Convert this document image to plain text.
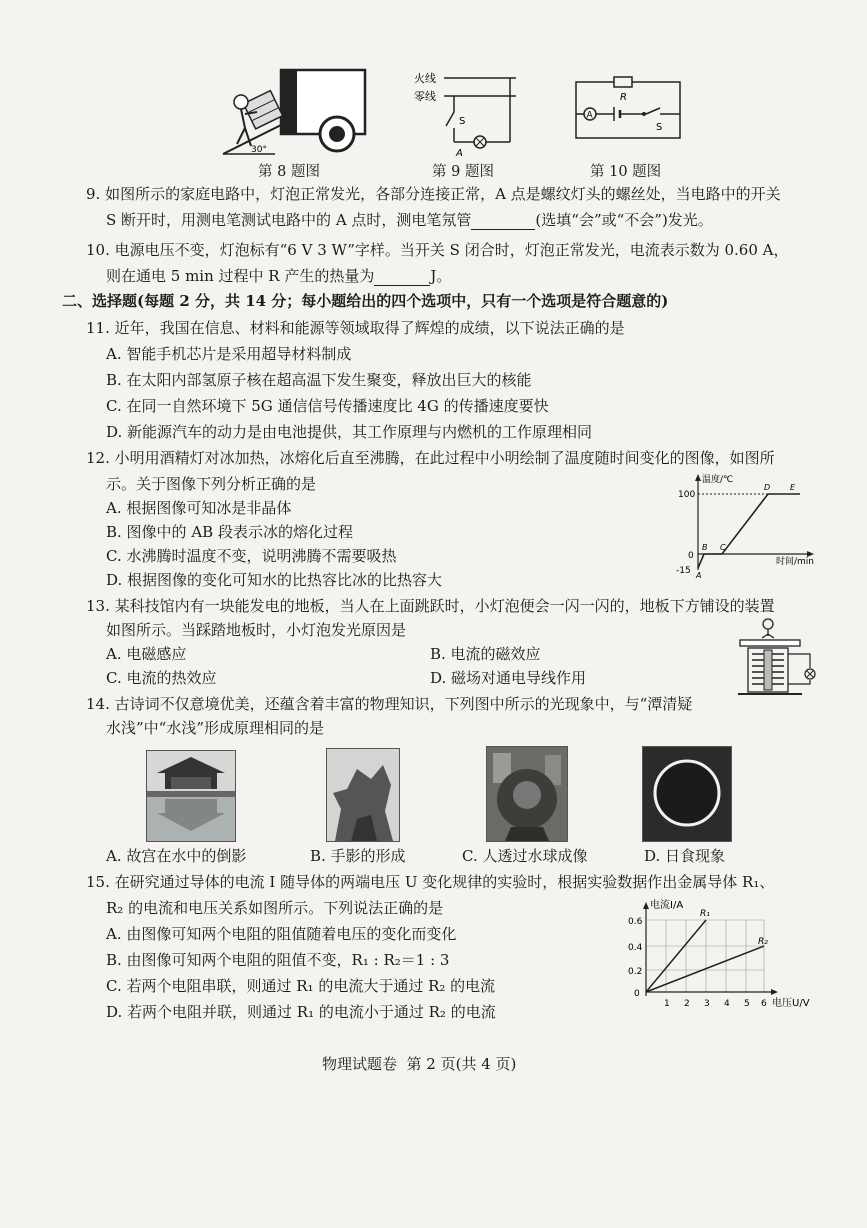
30°
火线
零线
S
A
R
A
S
第 8 题图	第 9 题图	第 10 题图
9. 如图所示的家庭电路中，灯泡正常发光，各部分连接正常，A 点是螺纹灯头的螺丝处，当电路中的开关
S 断开时，用测电笔测试电路中的 A 点时，测电笔氖管	(选填“会”或“不会”)发光。
10. 电源电压不变，灯泡标有“6 V 3 W”字样。当开关 S 闭合时，灯泡正常发光，电流表示数为 0.60 A，
则在通电 5 min 过程中 R 产生的热量为	J。
二、选择题(每题 2 分，共 14 分；每小题给出的四个选项中，只有一个选项是符合题意的)
11. 近年，我国在信息、材料和能源等领域取得了辉煌的成绩，以下说法正确的是
A. 智能手机芯片是采用超导材料制成
B. 在太阳内部氢原子核在超高温下发生聚变，释放出巨大的核能
C. 在同一自然环境下 5G 通信信号传播速度比 4G 的传播速度要快
D. 新能源汽车的动力是由电池提供，其工作原理与内燃机的工作原理相同
12. 小明用酒精灯对冰加热，冰熔化后直至沸腾，在此过程中小明绘制了温度随时间变化的图像，如图所
示。关于图像下列分析正确的是
A. 根据图像可知冰是非晶体
B. 图像中的 AB 段表示冰的熔化过程
C. 水沸腾时温度不变，说明沸腾不需要吸热
D. 根据图像的变化可知水的比热容比冰的比热容大
温度/℃
时间/min
100
0
-15 A
B C
D E
13. 某科技馆内有一块能发电的地板，当人在上面跳跃时，小灯泡便会一闪一闪的，地板下方铺设的装置
如图所示。当踩踏地板时，小灯泡发光原因是
A. 电磁感应	B. 电流的磁效应
C. 电流的热效应	D. 磁场对通电导线作用
14. 古诗词不仅意境优美，还蕴含着丰富的物理知识，下列图中所示的光现象中，与“潭清疑
水浅”中“水浅”形成原理相同的是
A. 故宫在水中的倒影	B. 手影的形成	C. 人透过水球成像	D. 日食现象
15. 在研究通过导体的电流 I 随导体的两端电压 U 变化规律的实验时，根据实验数据作出金属导体 R₁、
R₂ 的电流和电压关系如图所示。下列说法正确的是
A. 由图像可知两个电阻的阻值随着电压的变化而变化
B. 由图像可知两个电阻的阻值不变，R₁ : R₂＝1 : 3
C. 若两个电阻串联，则通过 R₁ 的电流大于通过 R₂ 的电流
D. 若两个电阻并联，则通过 R₁ 的电流小于通过 R₂ 的电流
电流I/A
电压U/V
0.6
0.4
0.2
0
1 2 3 4 5 6
R₁
R₂
物理试题卷  第 2 页(共 4 页)
